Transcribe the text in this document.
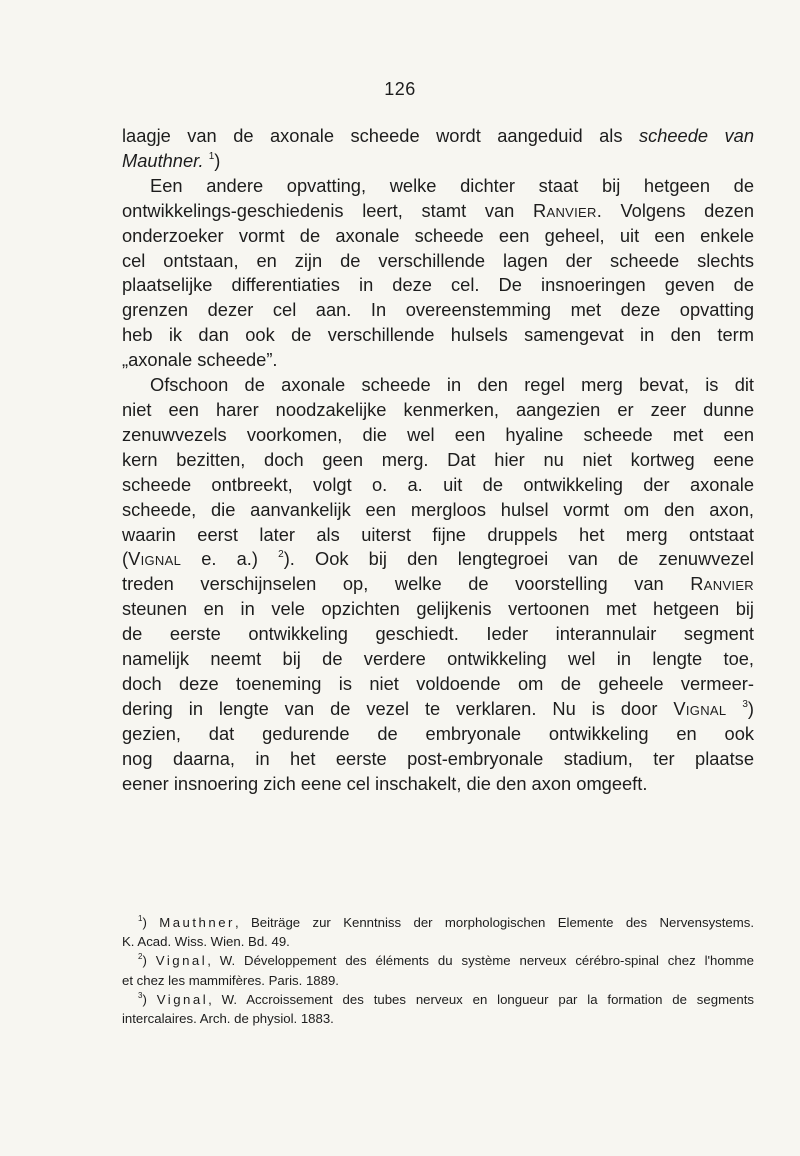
126
laagje van de axonale scheede wordt aangeduid als scheede van
Mauthner. $^1$)
Een andere opvatting, welke dichter staat bij hetgeen de
ontwikkelings-geschiedenis leert, stamt van Ranvier. Volgens dezen
onderzoeker vormt de axonale scheede een geheel, uit een enkele
cel ontstaan, en zijn de verschillende lagen der scheede slechts
plaatselijke differentiaties in deze cel. De insnoeringen geven de
grenzen dezer cel aan. In overeenstemming met deze opvatting
heb ik dan ook de verschillende hulsels samengevat in den term
„axonale scheede”.
Ofschoon de axonale scheede in den regel merg bevat, is dit
niet een harer noodzakelijke kenmerken, aangezien er zeer dunne
zenuwvezels voorkomen, die wel een hyaline scheede met een
kern bezitten, doch geen merg. Dat hier nu niet kortweg eene
scheede ontbreekt, volgt o. a. uit de ontwikkeling der axonale
scheede, die aanvankelijk een mergloos hulsel vormt om den axon,
waarin eerst later als uiterst fijne druppels het merg ontstaat
(Vignal e. a.) $^2$). Ook bij den lengtegroei van de zenuwvezel
treden verschijnselen op, welke de voorstelling van Ranvier
steunen en in vele opzichten gelijkenis vertoonen met hetgeen bij
de eerste ontwikkeling geschiedt. Ieder interannulair segment
namelijk neemt bij de verdere ontwikkeling wel in lengte toe,
doch deze toeneming is niet voldoende om de geheele vermeer-
dering in lengte van de vezel te verklaren. Nu is door Vignal $^3$)
gezien, dat gedurende de embryonale ontwikkeling en ook
nog daarna, in het eerste post-embryonale stadium, ter plaatse
eener insnoering zich eene cel inschakelt, die den axon omgeeft.
$^1$) Mauthner, Beiträge zur Kenntniss der morphologischen Elemente des Nervensystems.
K. Acad. Wiss. Wien. Bd. 49.
$^2$) Vignal, W. Développement des éléments du système nerveux cérébro-spinal chez l'homme
et chez les mammifères. Paris. 1889.
$^3$) Vignal, W. Accroissement des tubes nerveux en longueur par la formation de segments
intercalaires. Arch. de physiol. 1883.
